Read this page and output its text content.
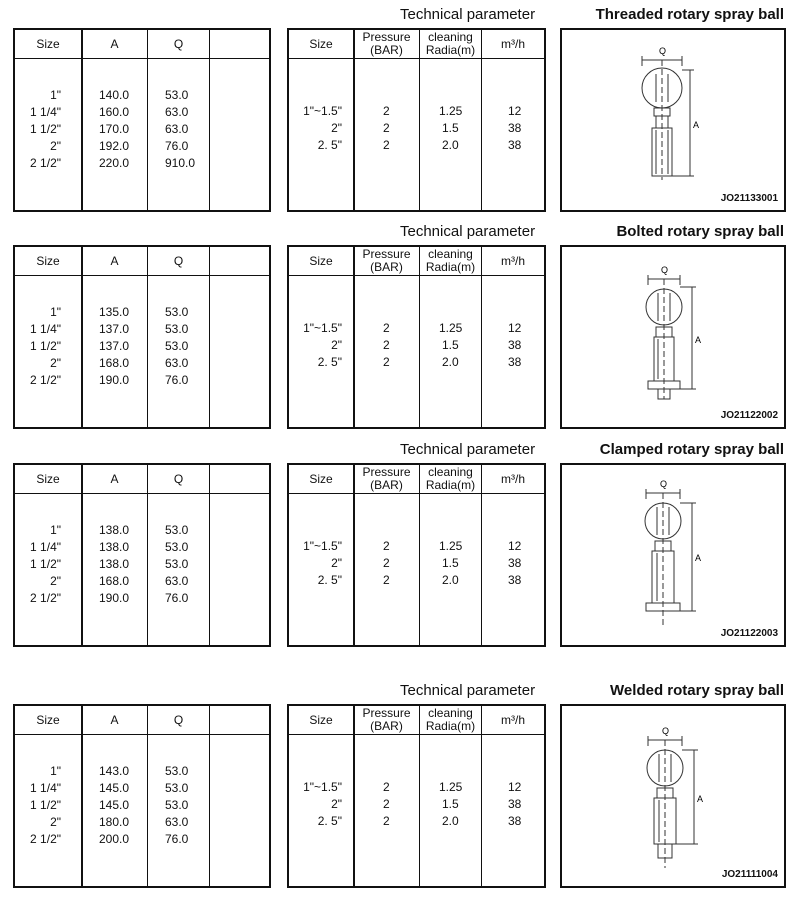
Technical parameter	Threaded rotary spray ball
Size	A	Q
1"	140.0	53.0
1 1/4"	160.0	63.0
1 1/2"	170.0	63.0
2"	192.0	76.0
2 1/2"	220.0	910.0
Size	Pressure
(BAR)
cleaning
Radia(m)	m³/h
1"~1.5"	2	1.25	12
2"	2	1.5	38
2. 5"	2	2.0	38
Q
A
JO21133001
Technical parameter	Bolted rotary spray ball
Size	A	Q
1"	135.0	53.0
1 1/4"	137.0	53.0
1 1/2"	137.0	53.0
2"	168.0	63.0
2 1/2"	190.0	76.0
Size	Pressure
(BAR)
cleaning
Radia(m)	m³/h
1"~1.5"	2	1.25	12
2"	2	1.5	38
2. 5"	2	2.0	38
Q
A
JO21122002
Technical parameter	Clamped rotary spray ball
Size	A	Q
1"	138.0	53.0
1 1/4"	138.0	53.0
1 1/2"	138.0	53.0
2"	168.0	63.0
2 1/2"	190.0	76.0
Size	Pressure
(BAR)
cleaning
Radia(m)	m³/h
1"~1.5"	2	1.25	12
2"	2	1.5	38
2. 5"	2	2.0	38
Q
A
JO21122003
Technical parameter	Welded rotary spray ball
Size	A	Q
1"	143.0	53.0
1 1/4"	145.0	53.0
1 1/2"	145.0	53.0
2"	180.0	63.0
2 1/2"	200.0	76.0
Size	Pressure
(BAR)
cleaning
Radia(m)	m³/h
1"~1.5"	2	1.25	12
2"	2	1.5	38
2. 5"	2	2.0	38
Q
A
JO21111004
